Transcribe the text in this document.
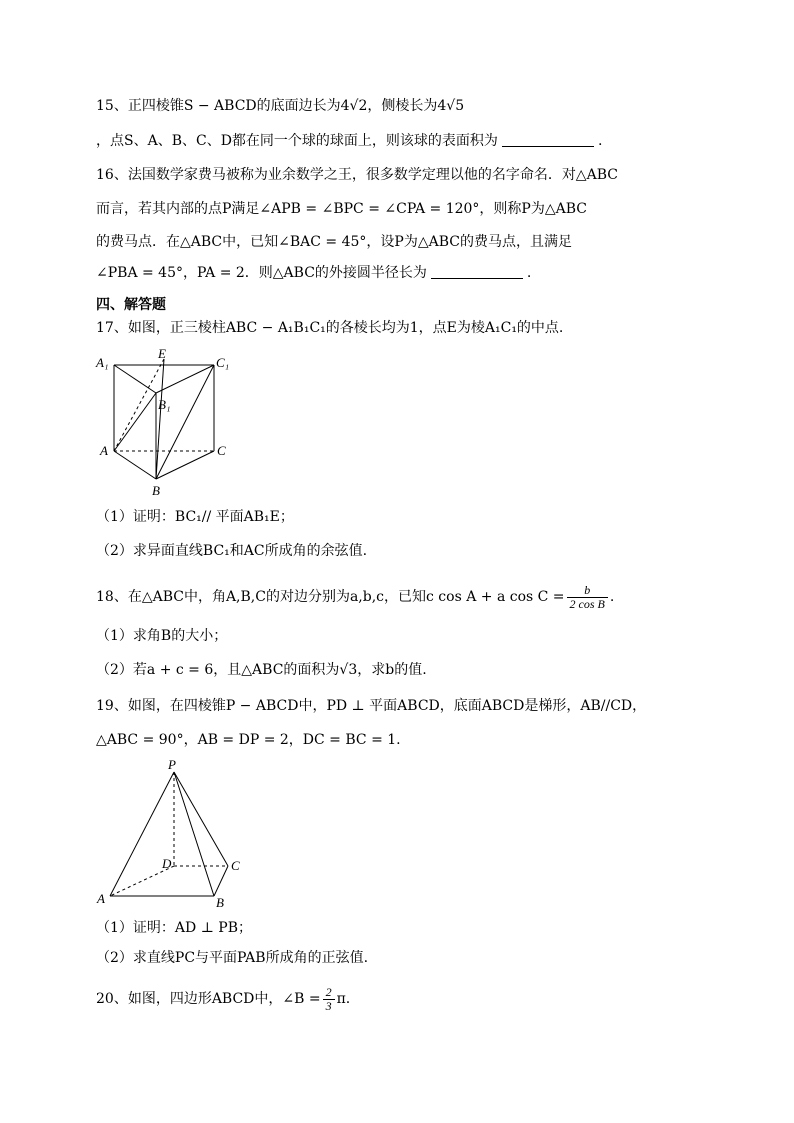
15、正四棱锥S − ABCD的底面边长为4√2，侧棱长为4√5
，点S、A、B、C、D都在同一个球的球面上，则该球的表面积为	.
16、法国数学家费马被称为业余数学之王，很多数学定理以他的名字命名．对△ABC
而言，若其内部的点P满足∠APB = ∠BPC = ∠CPA = 120°，则称P为△ABC
的费马点．在△ABC中，已知∠BAC = 45°，设P为△ABC的费马点，且满足
∠PBA = 45°，PA = 2．则△ABC的外接圆半径长为	.
四、解答题
17、如图，正三棱柱ABC − A₁B₁C₁的各棱长均为1，点E为棱A₁C₁的中点.
A₁
E
C₁
B₁
A	C
B
（1）证明：BC₁// 平面AB₁E；
（2）求异面直线BC₁和AC所成角的余弦值.
18、在△ABC中，角A,B,C的对边分别为a,b,c，已知c cos A + a $\cos C = \frac{b}{\text{2 cos B}}$ .
（1）求角B的大小；
（2）若a + c = 6，且△ABC的面积为√3，求b的值.
19、如图，在四棱锥P − ABCD中，PD ⊥ 平面ABCD，底面ABCD是梯形，AB//CD，
△ABC = 90°，AB = DP = 2，DC = BC = 1.
P
D	C
A	B
（1）证明：AD ⊥ PB；
（2）求直线PC与平面PAB所成角的正弦值.
20、如图，四边形ABCD中，∠B = $\frac{2}{3} \pi$.
